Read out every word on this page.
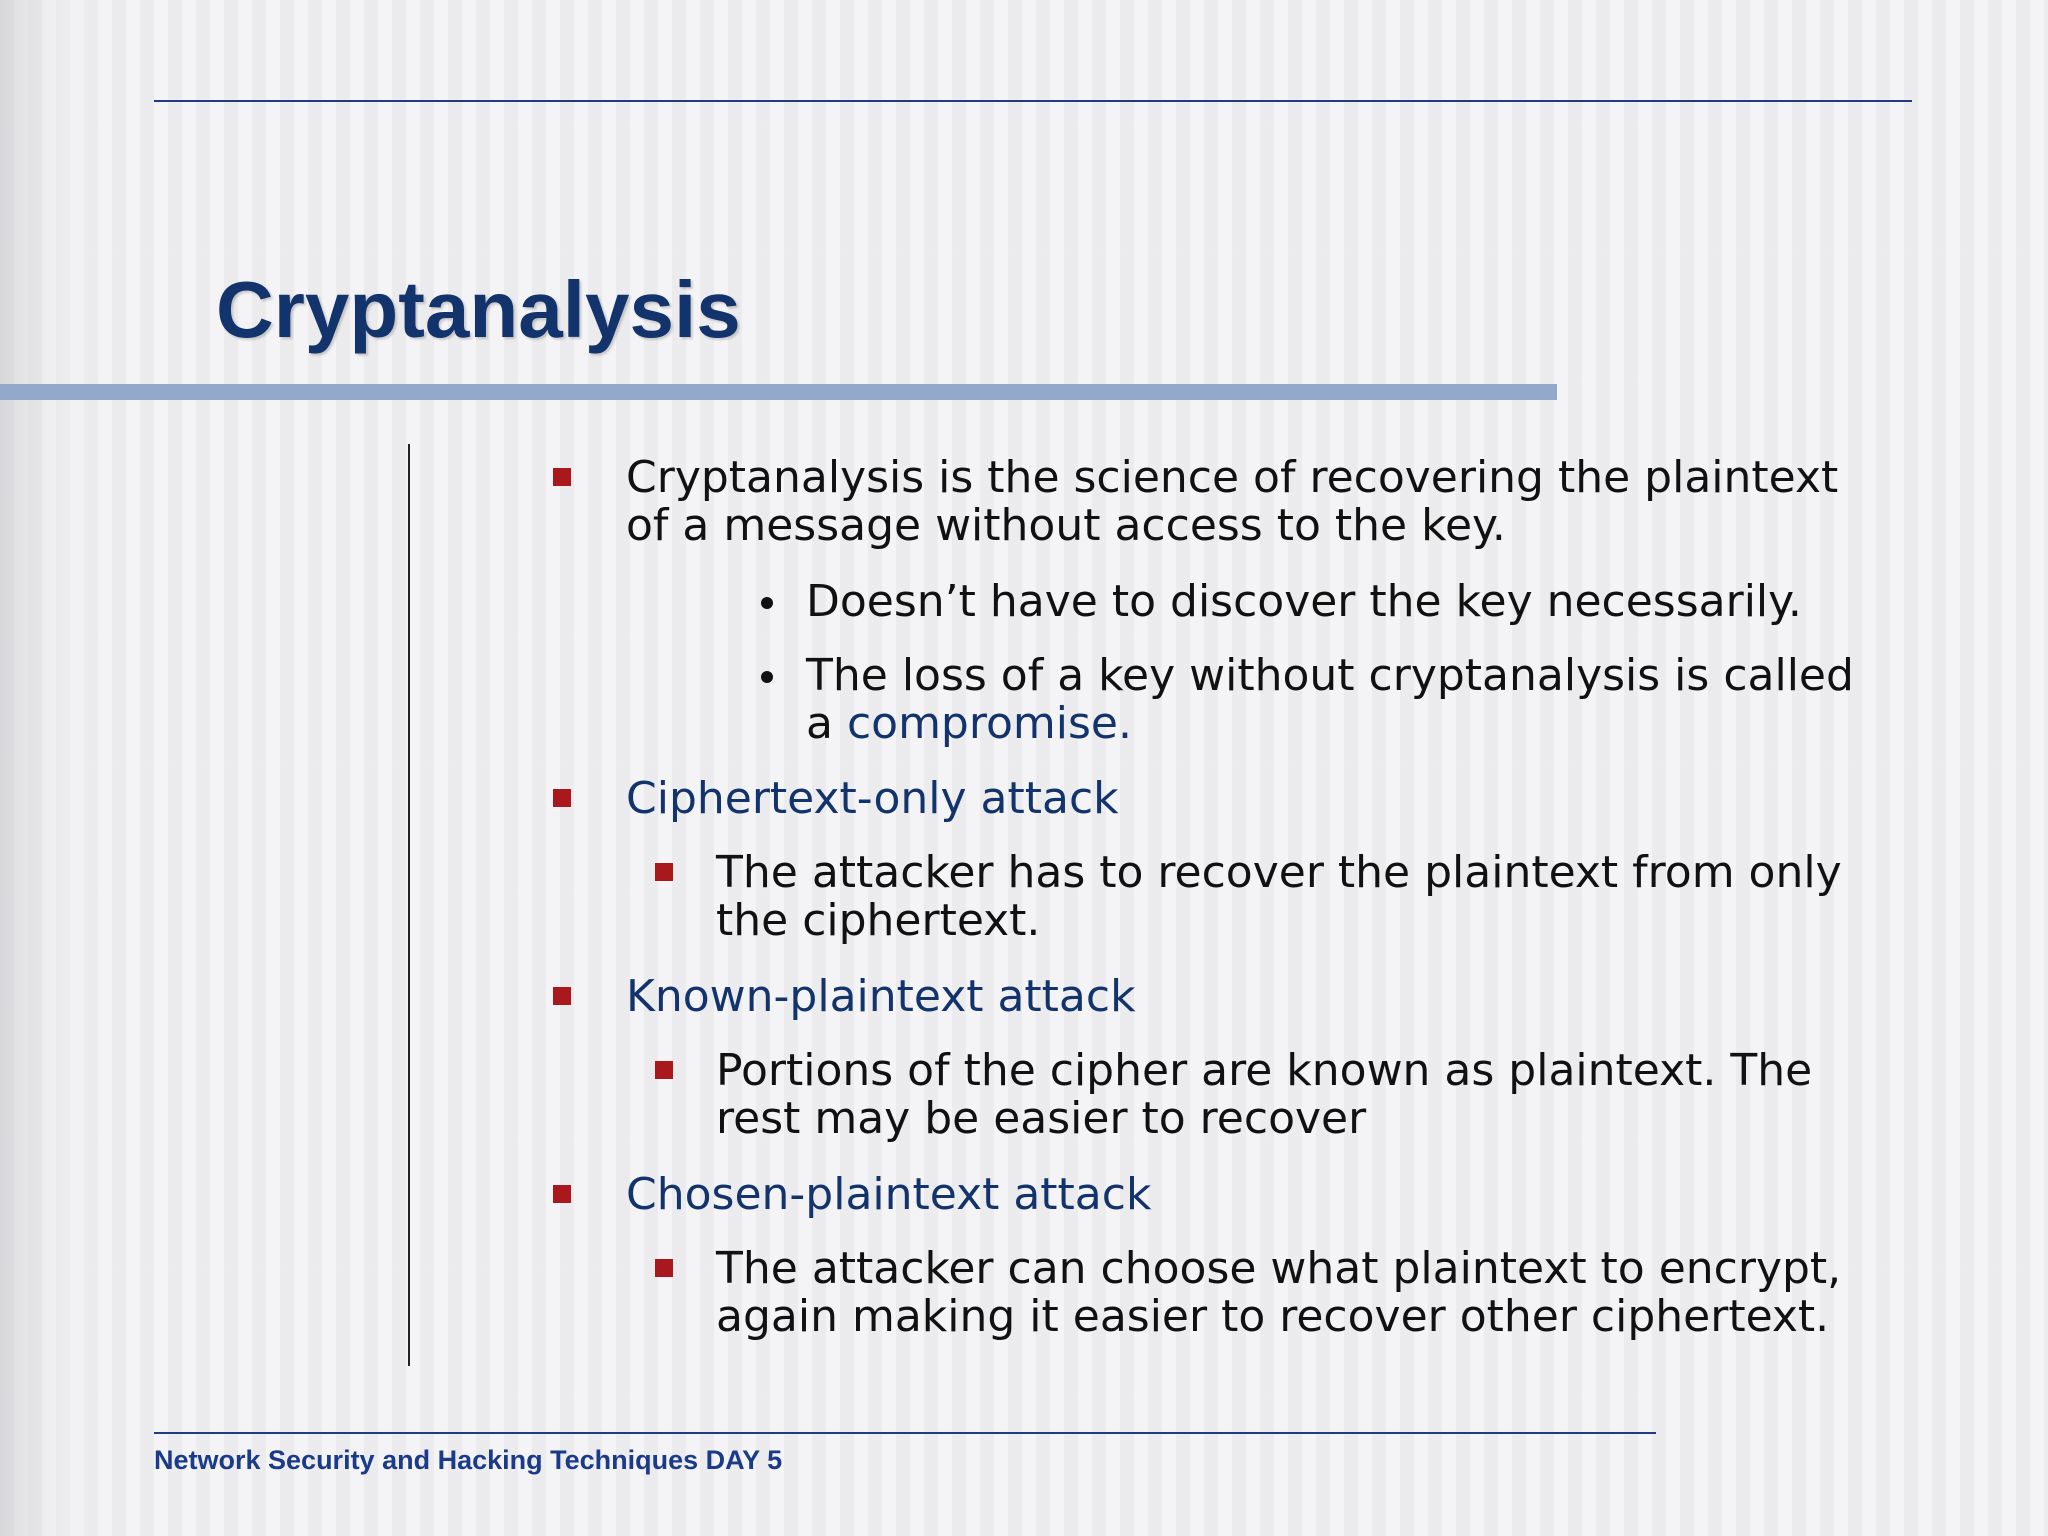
Cryptanalysis
Cryptanalysis is the science of recovering the plaintext
of a message without access to the key.
Doesn’t have to discover the key necessarily.
The loss of a key without cryptanalysis is called
a compromise.
Ciphertext-only attack
The attacker has to recover the plaintext from only
the ciphertext.
Known-plaintext attack
Portions of the cipher are known as plaintext. The
rest may be easier to recover
Chosen-plaintext attack
The attacker can choose what plaintext to encrypt,
again making it easier to recover other ciphertext.
Network Security and Hacking Techniques DAY 5
